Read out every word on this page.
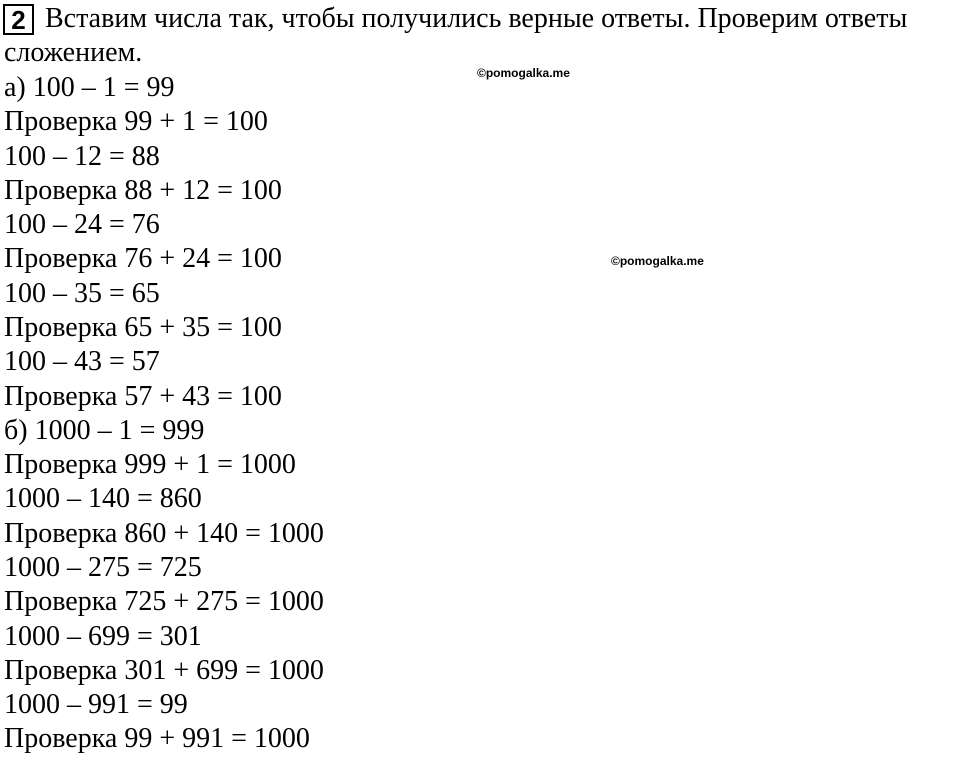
2 Вставим числа так, чтобы получились верные ответы. Проверим ответы
сложением.
©pomogalka.me
©pomogalka.me
а) 100 – 1 = 99
Проверка 99 + 1 = 100
100 – 12 = 88
Проверка 88 + 12 = 100
100 – 24 = 76
Проверка 76 + 24 = 100
100 – 35 = 65
Проверка 65 + 35 = 100
100 – 43 = 57
Проверка 57 + 43 = 100
б) 1000 – 1 = 999
Проверка 999 + 1 = 1000
1000 – 140 = 860
Проверка 860 + 140 = 1000
1000 – 275 = 725
Проверка 725 + 275 = 1000
1000 – 699 = 301
Проверка 301 + 699 = 1000
1000 – 991 = 99
Проверка 99 + 991 = 1000
